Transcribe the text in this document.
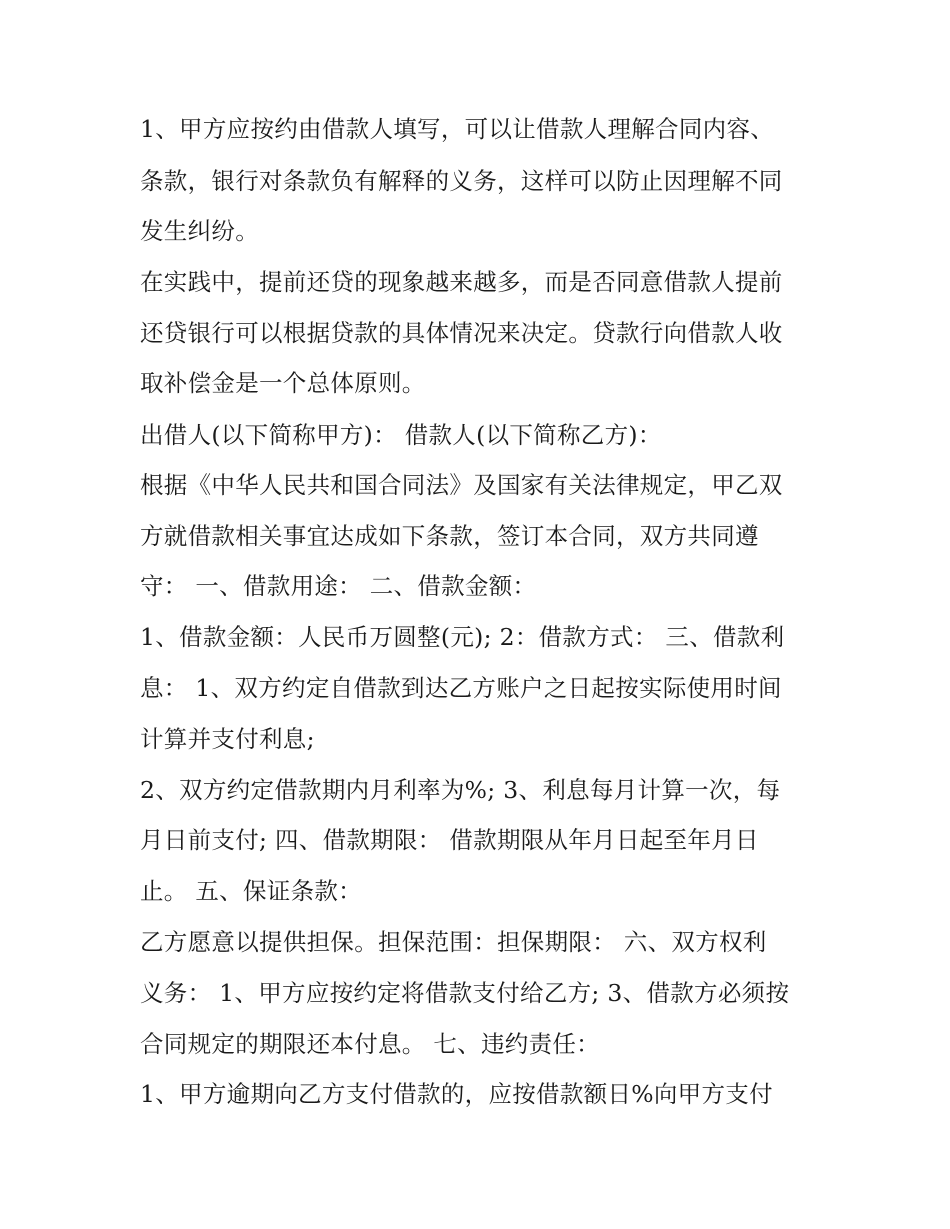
1、甲方应按约由借款人填写，可以让借款人理解合同内容、
条款，银行对条款负有解释的义务，这样可以防止因理解不同
发生纠纷。
在实践中，提前还贷的现象越来越多，而是否同意借款人提前
还贷银行可以根据贷款的具体情况来决定。贷款行向借款人收
取补偿金是一个总体原则。
出借人(以下简称甲方)： 借款人(以下简称乙方)：
根据《中华人民共和国合同法》及国家有关法律规定，甲乙双
方就借款相关事宜达成如下条款，签订本合同，双方共同遵
守： 一、借款用途： 二、借款金额：
1、借款金额：人民币万圆整(元); 2：借款方式： 三、借款利
息： 1、双方约定自借款到达乙方账户之日起按实际使用时间
计算并支付利息;
2、双方约定借款期内月利率为%; 3、利息每月计算一次，每
月日前支付; 四、借款期限： 借款期限从年月日起至年月日
止。 五、保证条款：
乙方愿意以提供担保。担保范围：担保期限： 六、双方权利
义务： 1、甲方应按约定将借款支付给乙方; 3、借款方必须按
合同规定的期限还本付息。 七、违约责任：
1、甲方逾期向乙方支付借款的，应按借款额日%向甲方支付
